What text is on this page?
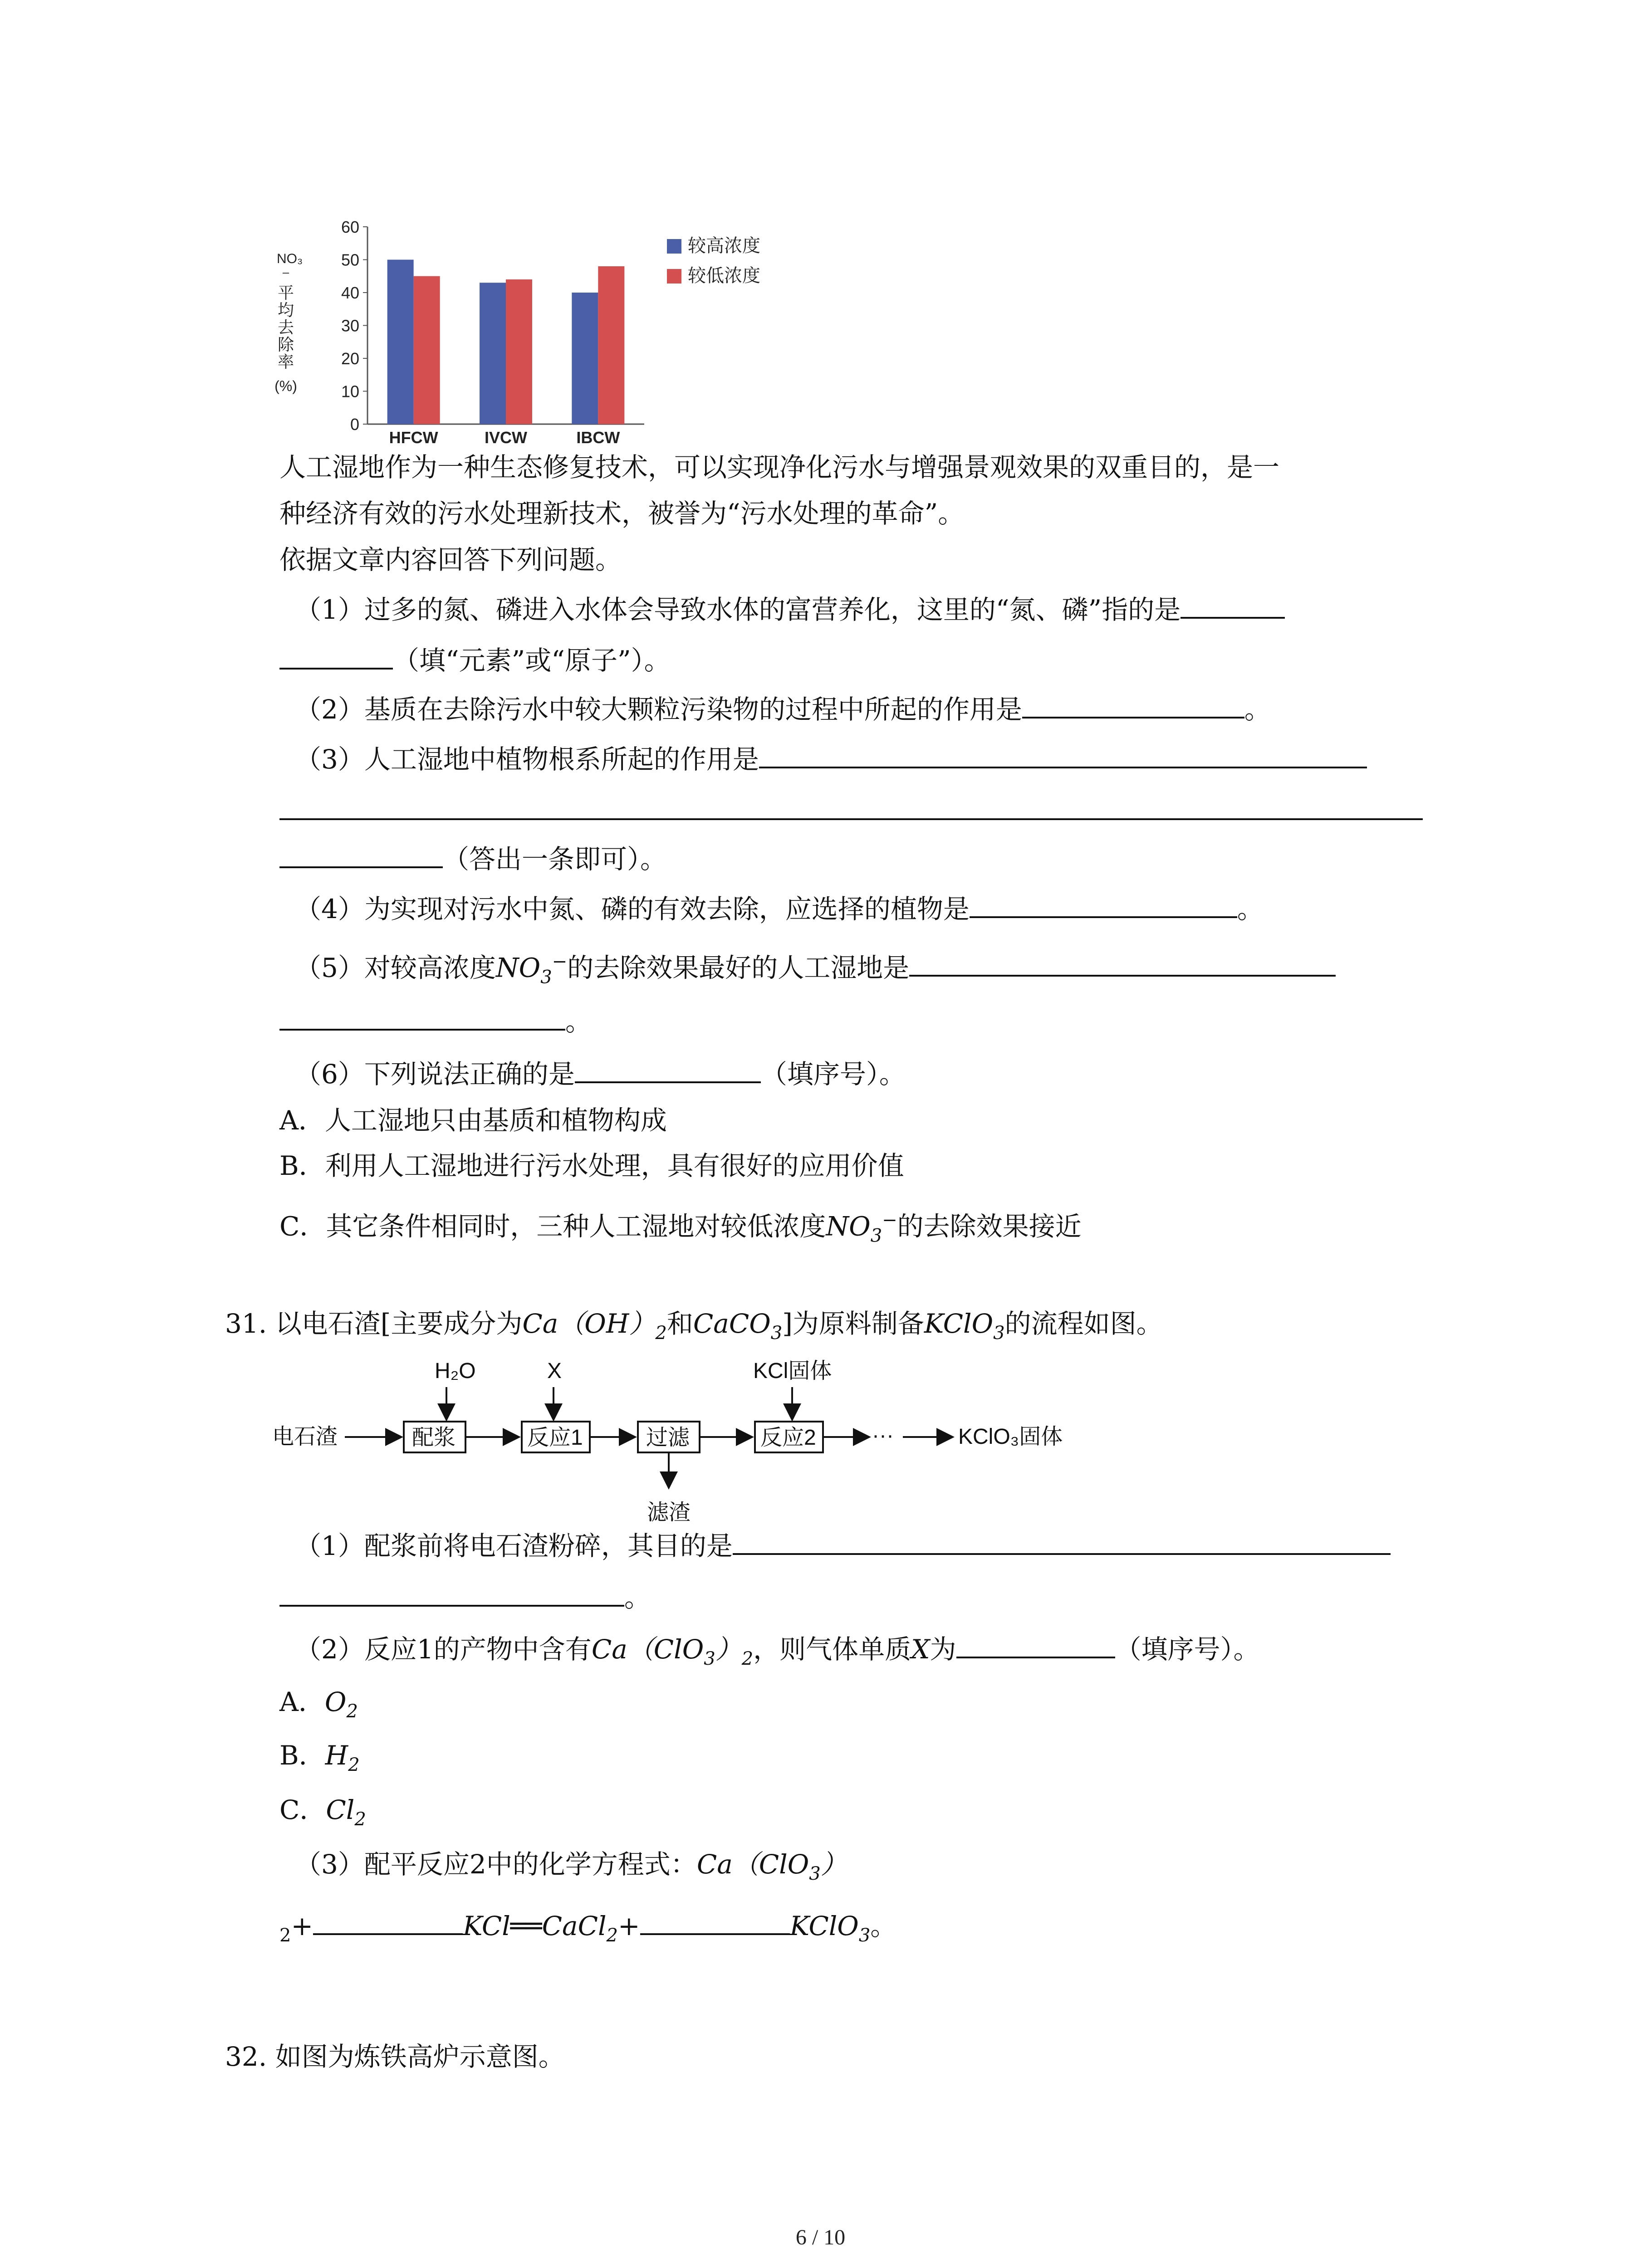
0
10
20
30
40
50
60
NO₃
⁻
平
均
去
除
率
(%)
HFCW	IVCW	IBCW
较高浓度
较低浓度
人工湿地作为一种生态修复技术，可以实现净化污水与增强景观效果的双重目的，是一
种经济有效的污水处理新技术，被誉为“污水处理的革命”。
依据文章内容回答下列问题。
（1）过多的氮、磷进入水体会导致水体的富营养化，这里的“氮、磷”指的是
（填“元素”或“原子”）。
（2）基质在去除污水中较大颗粒污染物的过程中所起的作用是	。
（3）人工湿地中植物根系所起的作用是
（答出一条即可）。
（4）为实现对污水中氮、磷的有效去除，应选择的植物是	。
（5）对较高浓度$NO_3^-$的去除效果最好的人工湿地是
。
（6）下列说法正确的是	（填序号）。
A．人工湿地只由基质和植物构成
B．利用人工湿地进行污水处理，具有很好的应用价值
C．其它条件相同时，三种人工湿地对较低浓度$NO_3^-$的去除效果接近
31. 以电石渣[主要成分为$Ca(OH)_2$和CaCO$_3$]为原料制备KClO$_3$的流程如图。
H₂O	X	KCl固体
电石渣	配浆	反应1	过滤
滤渣
反应2	···	KClO₃固体
（1）配浆前将电石渣粉碎，其目的是
。
（2）反应1的产物中含有$Ca(ClO_3)_2$，则气体单质X为	（填序号）。
A．$O_2$
B．$H_2$
C．$Cl_2$
（3）配平反应2中的化学方程式：Ca（ClO$_3$）
$_2$+	KCl══CaCl$_2$+	KClO$_3$。
32. 如图为炼铁高炉示意图。
6 / 10
